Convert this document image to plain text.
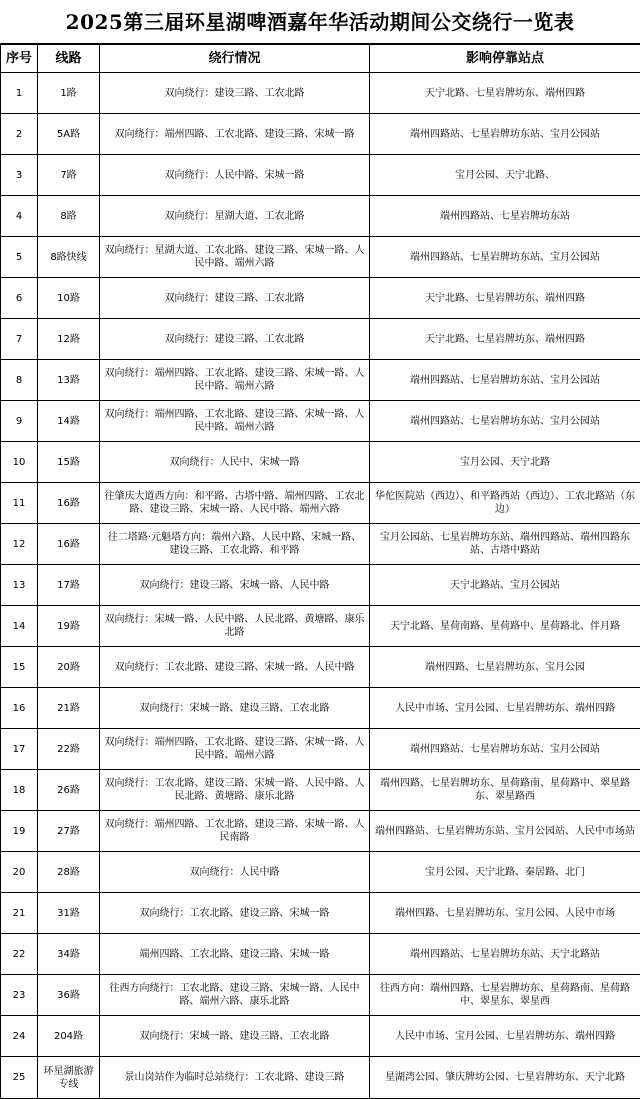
2025第三届环星湖啤酒嘉年华活动期间公交绕行一览表
序号	线路	绕行情况	影响停靠站点
1	1路	双向绕行：建设三路、工农北路	天宁北路、七星岩牌坊东、端州四路
2	5A路	双向绕行：端州四路、工农北路、建设三路、宋城一路	端州四路站、七星岩牌坊东站、宝月公园站
3	7路	双向绕行：人民中路、宋城一路	宝月公园、天宁北路、
4	8路	双向绕行：星湖大道、工农北路	端州四路站、七星岩牌坊东站
5	8路快线	双向绕行：星湖大道、工农北路、建设三路、宋城一路、人民中路、端州六路	端州四路站、七星岩牌坊东站、宝月公园站
6	10路	双向绕行：建设三路、工农北路	天宁北路、七星岩牌坊东、端州四路
7	12路	双向绕行：建设三路、工农北路	天宁北路、七星岩牌坊东、端州四路
8	13路	双向绕行：端州四路、工农北路、建设三路、宋城一路、人民中路、端州六路	端州四路站、七星岩牌坊东站、宝月公园站
9	14路	双向绕行：端州四路、工农北路、建设三路、宋城一路、人民中路、端州六路	端州四路站、七星岩牌坊东站、宝月公园站
10	15路	双向绕行：人民中、宋城一路	宝月公园、天宁北路
11	16路	往肇庆大道西方向：和平路、古塔中路、端州四路、工农北路、建设三路、宋城一路、人民中路、端州六路	华佗医院站（西边）、和平路西站（西边）、工农北路站（东边）
12	16路	往二塔路·元魁塔方向：端州六路、人民中路、宋城一路、建设三路、工农北路、和平路	宝月公园站、七星岩牌坊东站、端州四路站、端州四路东站、古塔中路站
13	17路	双向绕行：建设三路、宋城一路、人民中路	天宁北路站、宝月公园站
14	19路	双向绕行：宋城一路、人民中路、人民北路、黄塘路、康乐北路	天宁北路、星荷南路、星荷路中、星荷路北、伴月路
15	20路	双向绕行：工农北路、建设三路、宋城一路、人民中路	端州四路、七星岩牌坊东、宝月公园
16	21路	双向绕行：宋城一路、建设三路、工农北路	人民中市场、宝月公园、七星岩牌坊东、端州四路
17	22路	双向绕行：端州四路、工农北路、建设三路、宋城一路、人民中路、端州六路	端州四路站、七星岩牌坊东站、宝月公园站
18	26路	双向绕行：工农北路、建设三路、宋城一路、人民中路、人民北路、黄塘路、康乐北路	端州四路、七星岩牌坊东、星荷路南、星荷路中、翠星路东、翠星路西
19	27路	双向绕行：端州四路、工农北路、建设三路、宋城一路、人民南路	端州四路站、七星岩牌坊东站、宝月公园站、人民中市场站
20	28路	双向绕行：人民中路	宝月公园、天宁北路、秦居路、北门
21	31路	双向绕行：工农北路、建设三路、宋城一路	端州四路、七星岩牌坊东、宝月公园、人民中市场
22	34路	端州四路、工农北路、建设三路、宋城一路	端州四路站、七星岩牌坊东站、天宁北路站
23	36路	往西方向绕行：工农北路、建设三路、宋城一路、人民中路、端州六路、康乐北路	往西方向：端州四路、七星岩牌坊东、星荷路南、星荷路中、翠星东、翠星西
24	204路	双向绕行：宋城一路、建设三路、工农北路	人民中市场、宝月公园、七星岩牌坊东、端州四路
25	环星湖旅游专线	景山岗站作为临时总站绕行：工农北路、建设三路	星湖湾公园、肇庆牌坊公园、七星岩牌坊东、天宁北路
